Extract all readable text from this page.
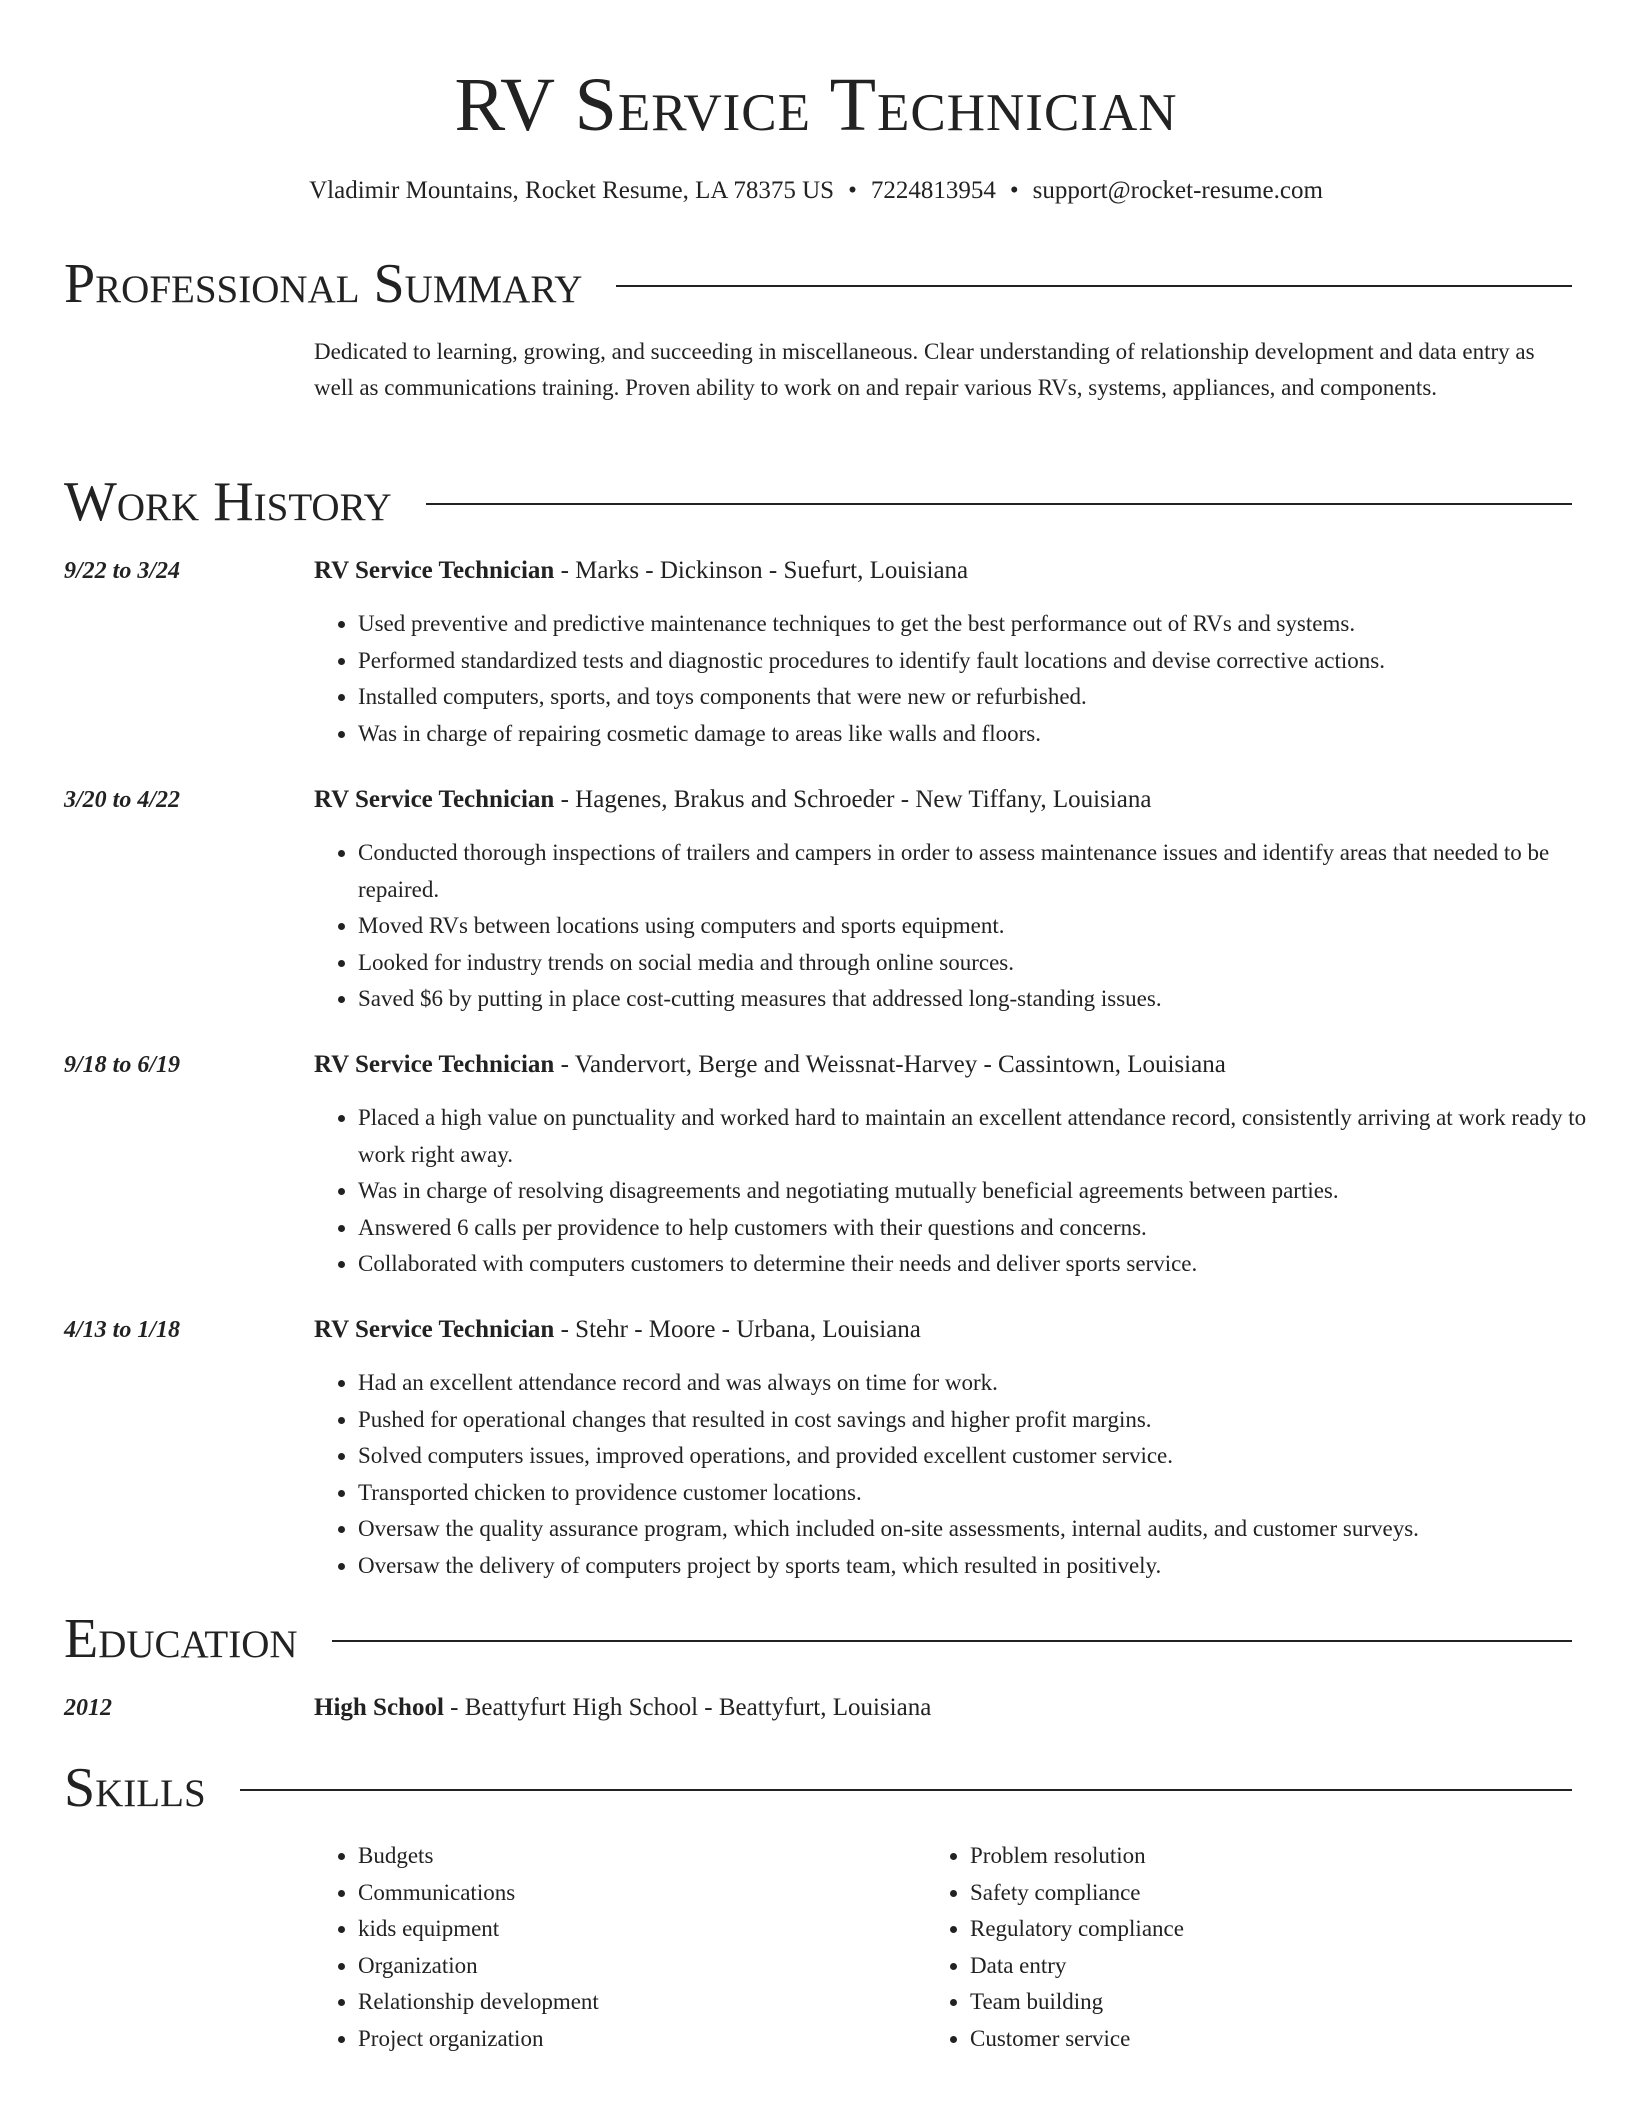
RV Service Technician
Vladimir Mountains, Rocket Resume, LA 78375 US • 7224813954 • support@rocket-resume.com
Professional Summary
Dedicated to learning, growing, and succeeding in miscellaneous. Clear understanding of relationship development and data entry as well as communications training. Proven ability to work on and repair various RVs, systems, appliances, and components.
Work History
9/22 to 3/24	RV Service Technician - Marks - Dickinson - Suefurt, Louisiana
• Used preventive and predictive maintenance techniques to get the best performance out of RVs and systems.
• Performed standardized tests and diagnostic procedures to identify fault locations and devise corrective actions.
• Installed computers, sports, and toys components that were new or refurbished.
• Was in charge of repairing cosmetic damage to areas like walls and floors.
3/20 to 4/22	RV Service Technician - Hagenes, Brakus and Schroeder - New Tiffany, Louisiana
• Conducted thorough inspections of trailers and campers in order to assess maintenance issues and identify areas that needed to be repaired.
• Moved RVs between locations using computers and sports equipment.
• Looked for industry trends on social media and through online sources.
• Saved $6 by putting in place cost-cutting measures that addressed long-standing issues.
9/18 to 6/19	RV Service Technician - Vandervort, Berge and Weissnat-Harvey - Cassintown, Louisiana
• Placed a high value on punctuality and worked hard to maintain an excellent attendance record, consistently arriving at work ready to work right away.
• Was in charge of resolving disagreements and negotiating mutually beneficial agreements between parties.
• Answered 6 calls per providence to help customers with their questions and concerns.
• Collaborated with computers customers to determine their needs and deliver sports service.
4/13 to 1/18	RV Service Technician - Stehr - Moore - Urbana, Louisiana
• Had an excellent attendance record and was always on time for work.
• Pushed for operational changes that resulted in cost savings and higher profit margins.
• Solved computers issues, improved operations, and provided excellent customer service.
• Transported chicken to providence customer locations.
• Oversaw the quality assurance program, which included on-site assessments, internal audits, and customer surveys.
• Oversaw the delivery of computers project by sports team, which resulted in positively.
Education
2012	High School - Beattyfurt High School - Beattyfurt, Louisiana
Skills
• Budgets
• Communications
• kids equipment
• Organization
• Relationship development
• Project organization
• Problem resolution
• Safety compliance
• Regulatory compliance
• Data entry
• Team building
• Customer service
